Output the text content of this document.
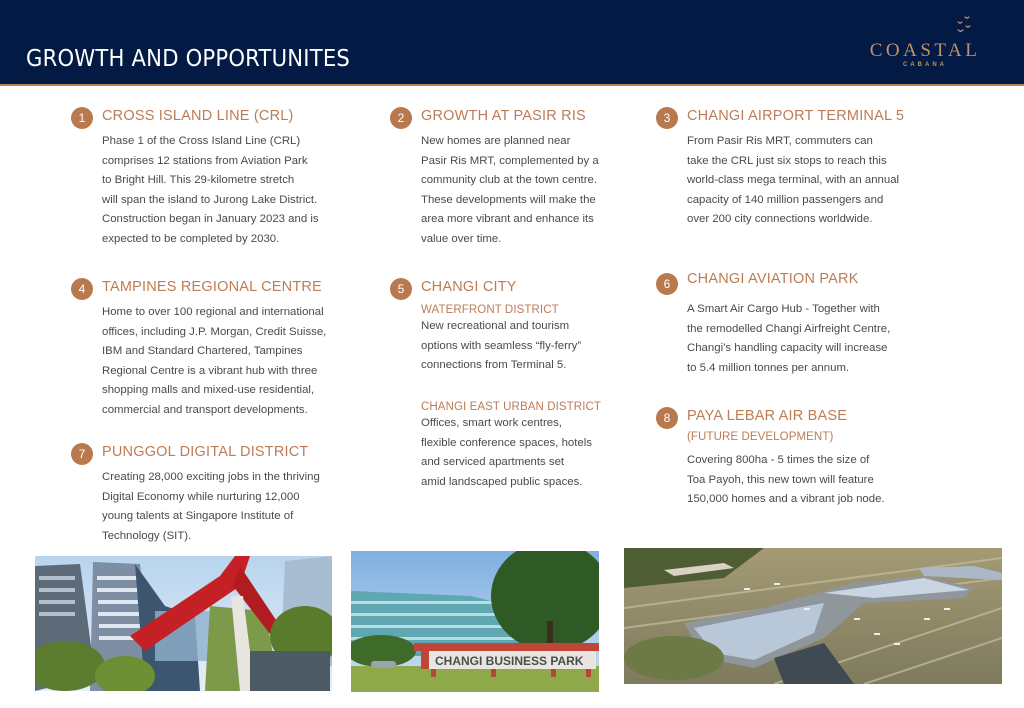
GROWTH AND OPPORTUNITES	COASTAL
CABANA
1	CROSS ISLAND LINE (CRL)
Phase 1 of the Cross Island Line (CRL)
comprises 12 stations from Aviation Park
to Bright Hill. This 29-kilometre stretch
will span the island to Jurong Lake District.
Construction began in January 2023 and is
expected to be completed by 2030.
2	GROWTH AT PASIR RIS
New homes are planned near
Pasir Ris MRT, complemented by a
community club at the town centre.
These developments will make the
area more vibrant and enhance its
value over time.
3	CHANGI AIRPORT TERMINAL 5
From Pasir Ris MRT, commuters can
take the CRL just six stops to reach this
world-class mega terminal, with an annual
capacity of 140 million passengers and
over 200 city connections worldwide.
4	TAMPINES REGIONAL CENTRE
Home to over 100 regional and international
offices, including J.P. Morgan, Credit Suisse,
IBM and Standard Chartered, Tampines
Regional Centre is a vibrant hub with three
shopping malls and mixed-use residential,
commercial and transport developments.
5	CHANGI CITY
WATERFRONT DISTRICT
New recreational and tourism
options with seamless “fly-ferry”
connections from Terminal 5.
CHANGI EAST URBAN DISTRICT
Offices, smart work centres,
flexible conference spaces, hotels
and serviced apartments set
amid landscaped public spaces.
6	CHANGI AVIATION PARK
A Smart Air Cargo Hub - Together with
the remodelled Changi Airfreight Centre,
Changi’s handling capacity will increase
to 5.4 million tonnes per annum.
7	PUNGGOL DIGITAL DISTRICT
Creating 28,000 exciting jobs in the thriving
Digital Economy while nurturing 12,000
young talents at Singapore Institute of
Technology (SIT).
8	PAYA LEBAR AIR BASE
(FUTURE DEVELOPMENT)
Covering 800ha - 5 times the size of
Toa Payoh, this new town will feature
150,000 homes and a vibrant job node.
CHANGI BUSINESS PARK
